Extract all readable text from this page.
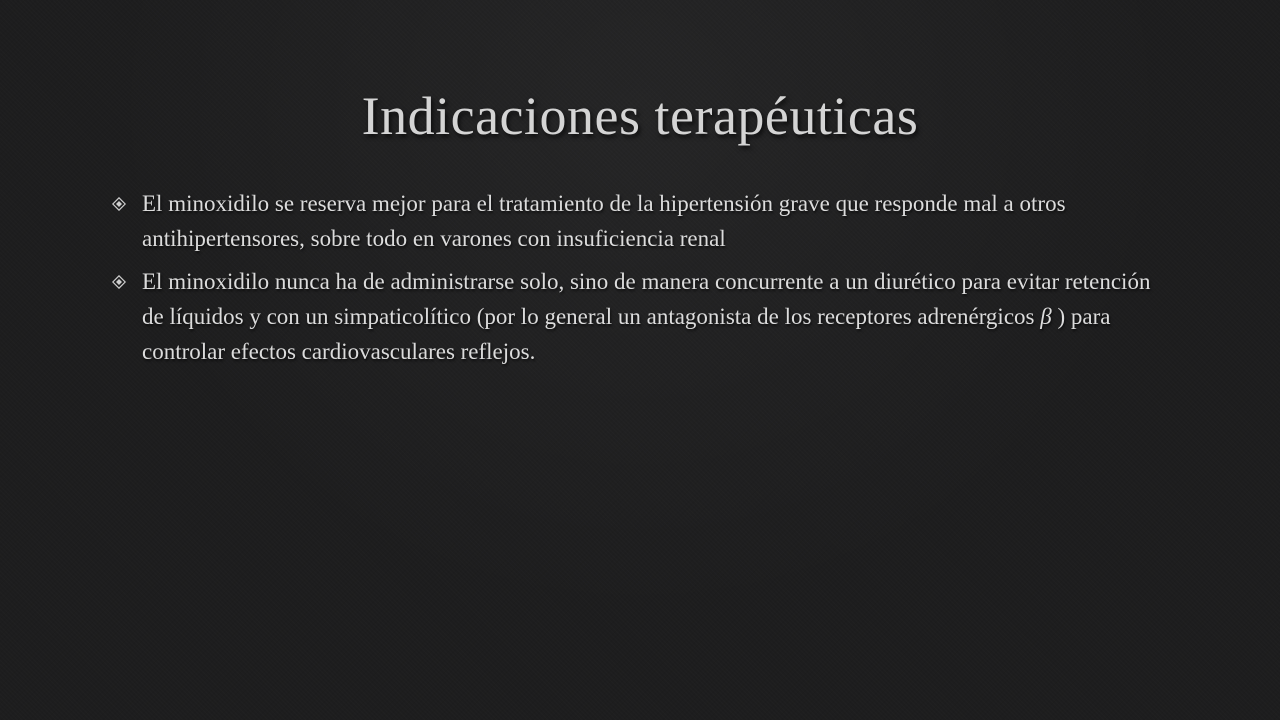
Indicaciones terapéuticas
El minoxidilo se reserva mejor para el tratamiento de la hipertensión grave que responde mal a otros antihipertensores, sobre todo en varones con insuficiencia renal
El minoxidilo nunca ha de administrarse solo, sino de manera concurrente a un diurético para evitar retención de líquidos y con un simpaticolítico (por lo general un antagonista de los receptores adrenérgicos β ) para controlar efectos cardiovasculares reflejos.
